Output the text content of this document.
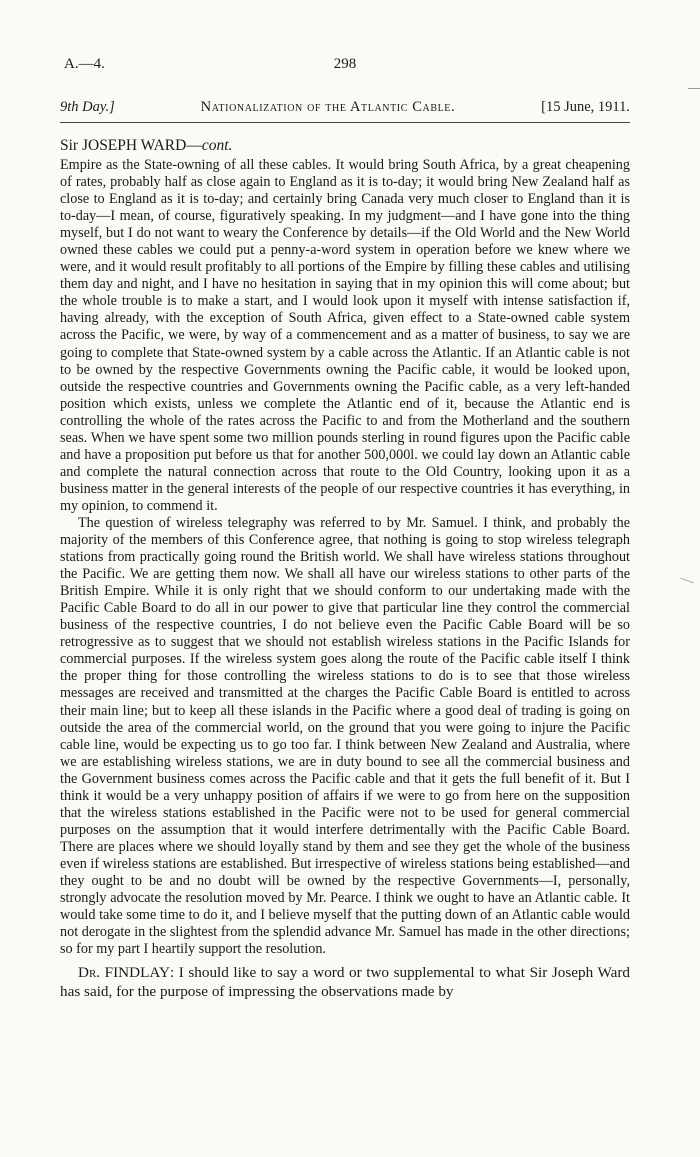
A.—4.	298
9th Day.]	Nationalization of the Atlantic Cable.	[15 June, 1911.
Sir JOSEPH WARD—cont.

Empire as the State-owning of all these cables. It would bring South Africa, by a great cheapening of rates, probably half as close again to England as it is to-day; it would bring New Zealand half as close to England as it is to-day; and certainly bring Canada very much closer to England than it is to-day—I mean, of course, figuratively speaking. In my judgment—and I have gone into the thing myself, but I do not want to weary the Conference by details—if the Old World and the New World owned these cables we could put a penny-a-word system in operation before we knew where we were, and it would result profitably to all portions of the Empire by filling these cables and utilising them day and night, and I have no hesitation in saying that in my opinion this will come about; but the whole trouble is to make a start, and I would look upon it myself with intense satisfaction if, having already, with the exception of South Africa, given effect to a State-owned cable system across the Pacific, we were, by way of a commencement and as a matter of business, to say we are going to complete that State-owned system by a cable across the Atlantic. If an Atlantic cable is not to be owned by the respective Governments owning the Pacific cable, it would be looked upon, outside the respective countries and Governments owning the Pacific cable, as a very left-handed position which exists, unless we complete the Atlantic end of it, because the Atlantic end is controlling the whole of the rates across the Pacific to and from the Motherland and the southern seas. When we have spent some two million pounds sterling in round figures upon the Pacific cable and have a proposition put before us that for another 500,000l. we could lay down an Atlantic cable and complete the natural connection across that route to the Old Country, looking upon it as a business matter in the general interests of the people of our respective countries it has everything, in my opinion, to commend it.

The question of wireless telegraphy was referred to by Mr. Samuel. I think, and probably the majority of the members of this Conference agree, that nothing is going to stop wireless telegraph stations from practically going round the British world. We shall have wireless stations throughout the Pacific. We are getting them now. We shall all have our wireless stations to other parts of the British Empire. While it is only right that we should conform to our undertaking made with the Pacific Cable Board to do all in our power to give that particular line they control the commercial business of the respective countries, I do not believe even the Pacific Cable Board will be so retrogressive as to suggest that we should not establish wireless stations in the Pacific Islands for commercial purposes. If the wireless system goes along the route of the Pacific cable itself I think the proper thing for those controlling the wireless stations to do is to see that those wireless messages are received and transmitted at the charges the Pacific Cable Board is entitled to across their main line; but to keep all these islands in the Pacific where a good deal of trading is going on outside the area of the commercial world, on the ground that you were going to injure the Pacific cable line, would be expecting us to go too far. I think between New Zealand and Australia, where we are establishing wireless stations, we are in duty bound to see all the commercial business and the Government business comes across the Pacific cable and that it gets the full benefit of it. But I think it would be a very unhappy position of affairs if we were to go from here on the supposition that the wireless stations established in the Pacific were not to be used for general commercial purposes on the assumption that it would interfere detrimentally with the Pacific Cable Board. There are places where we should loyally stand by them and see they get the whole of the business even if wireless stations are established. But irrespective of wireless stations being established—and they ought to be and no doubt will be owned by the respective Governments—I, personally, strongly advocate the resolution moved by Mr. Pearce. I think we ought to have an Atlantic cable. It would take some time to do it, and I believe myself that the putting down of an Atlantic cable would not derogate in the slightest from the splendid advance Mr. Samuel has made in the other directions; so for my part I heartily support the resolution.

Dr. FINDLAY: I should like to say a word or two supplemental to what Sir Joseph Ward has said, for the purpose of impressing the observations made by
